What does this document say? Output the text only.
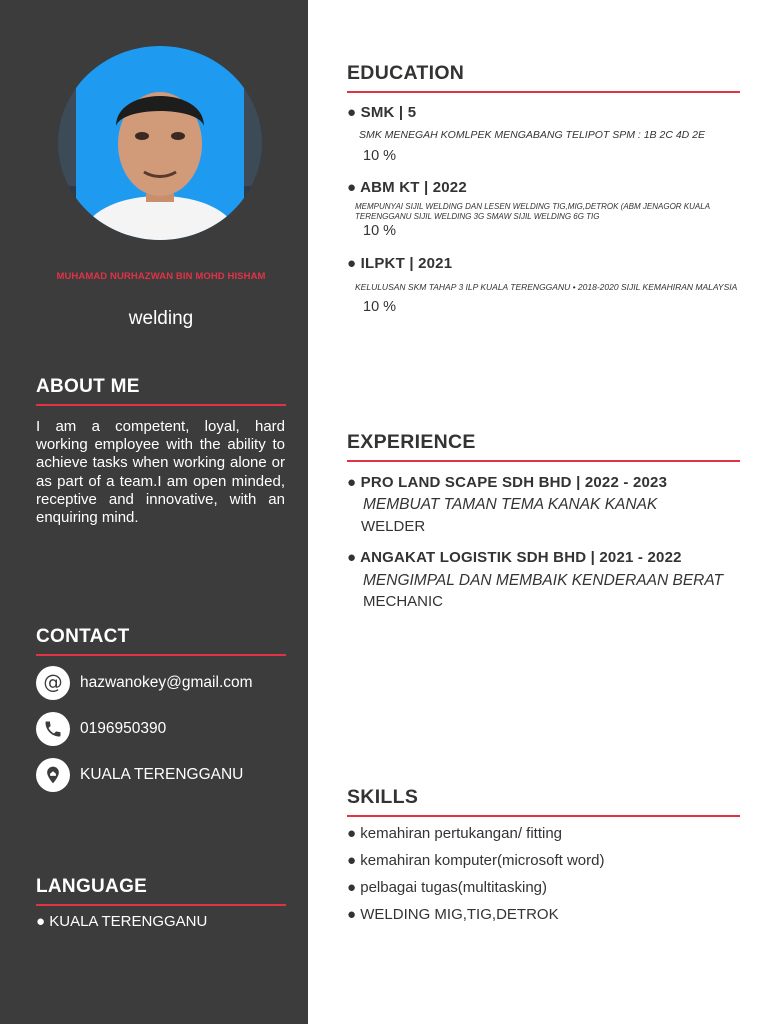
MUHAMAD NURHAZWAN BIN MOHD HISHAM
welding
ABOUT ME
I am a competent, loyal, hard working employee with the ability to achieve tasks when working alone or as part of a team.I am open minded, receptive and innovative, with an enquiring mind.
CONTACT
@ hazwanokey@gmail.com
0196950390
KUALA TERENGGANU
LANGUAGE
● KUALA TERENGGANU
EDUCATION
● SMK | 5
SMK MENEGAH KOMLPEK MENGABANG TELIPOT SPM : 1B 2C 4D 2E
10 %
● ABM KT | 2022
MEMPUNYAI SIJIL WELDING DAN LESEN WELDING TIG,MIG,DETROK (ABM JENAGOR KUALA TERENGGANU SIJIL WELDING 3G SMAW SIJIL WELDING 6G TIG
10 %
● ILPKT | 2021
KELULUSAN SKM TAHAP 3 ILP KUALA TERENGGANU • 2018-2020 SIJIL KEMAHIRAN MALAYSIA
10 %
EXPERIENCE
● PRO LAND SCAPE SDH BHD | 2022 - 2023
MEMBUAT TAMAN TEMA KANAK KANAK
WELDER
● ANGAKAT LOGISTIK SDH BHD | 2021 - 2022
MENGIMPAL DAN MEMBAIK KENDERAAN BERAT
MECHANIC
SKILLS
● kemahiran pertukangan/ fitting
● kemahiran komputer(microsoft word)
● pelbagai tugas(multitasking)
● WELDING MIG,TIG,DETROK
